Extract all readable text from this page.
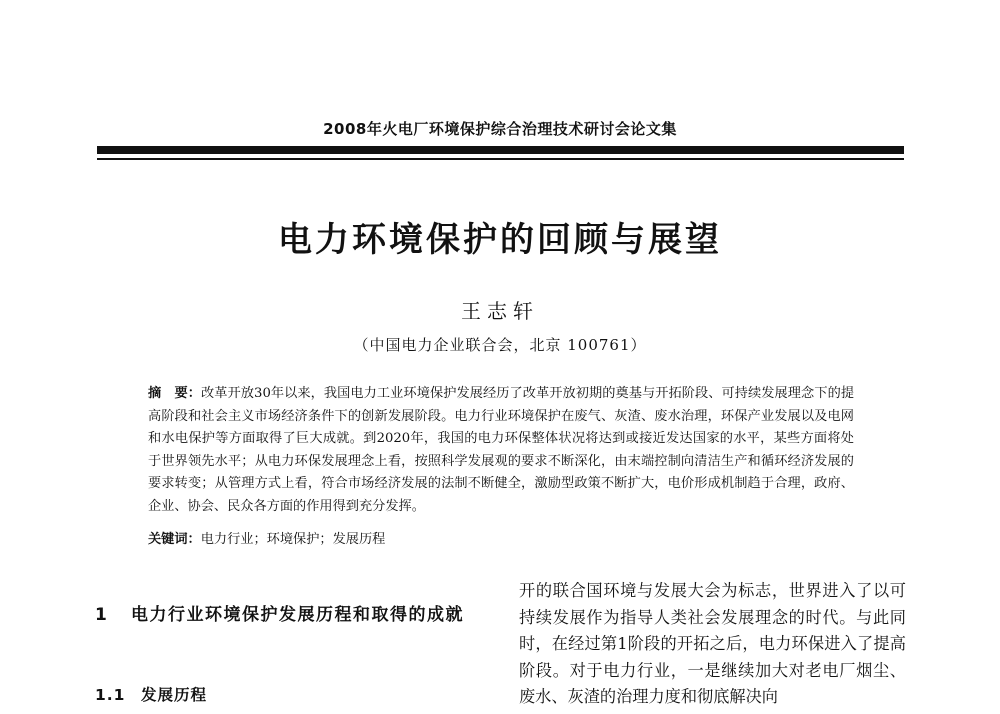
2008年火电厂环境保护综合治理技术研讨会论文集
电力环境保护的回顾与展望
王志轩
（中国电力企业联合会，北京 100761）
摘　要：改革开放30年以来，我国电力工业环境保护发展经历了改革开放初期的奠基与开拓阶段、可持续发展理念下的提高阶段和社会主义市场经济条件下的创新发展阶段。电力行业环境保护在废气、灰渣、废水治理，环保产业发展以及电网和水电保护等方面取得了巨大成就。到2020年，我国的电力环保整体状况将达到或接近发达国家的水平，某些方面将处于世界领先水平；从电力环保发展理念上看，按照科学发展观的要求不断深化，由末端控制向清洁生产和循环经济发展的要求转变；从管理方式上看，符合市场经济发展的法制不断健全，激励型政策不断扩大，电价形成机制趋于合理，政府、企业、协会、民众各方面的作用得到充分发挥。
关键词：电力行业；环境保护；发展历程
1 电力行业环境保护发展历程和取得的成就
1.1 发展历程
开的联合国环境与发展大会为标志，世界进入了以可持续发展作为指导人类社会发展理念的时代。与此同时，在经过第1阶段的开拓之后，电力环保进入了提高阶段。对于电力行业，一是继续加大对老电厂烟尘、废水、灰渣的治理力度和彻底解决向
